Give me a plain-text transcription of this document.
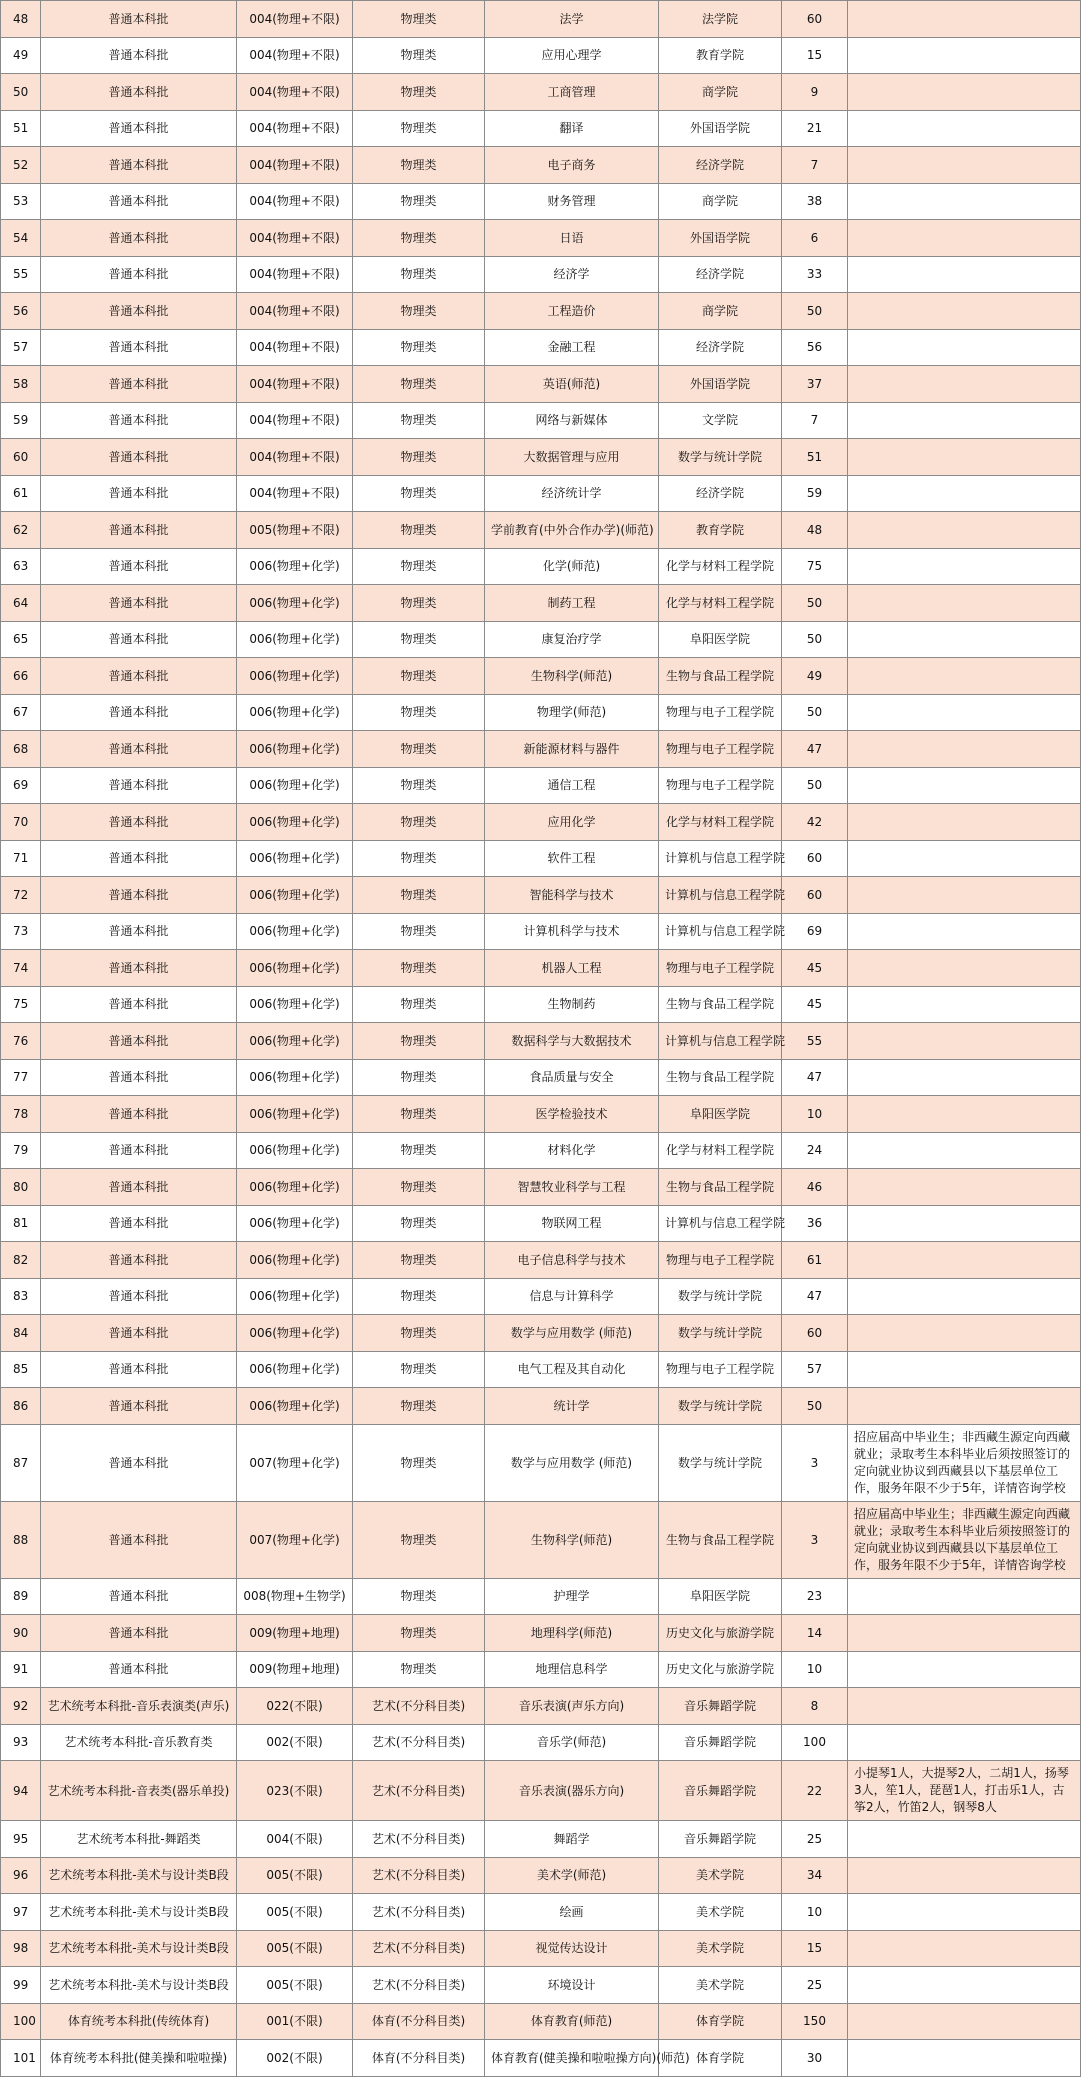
48	普通本科批	004(物理+不限)	物理类	法学	法学院	60	
49	普通本科批	004(物理+不限)	物理类	应用心理学	教育学院	15	
50	普通本科批	004(物理+不限)	物理类	工商管理	商学院	9	
51	普通本科批	004(物理+不限)	物理类	翻译	外国语学院	21	
52	普通本科批	004(物理+不限)	物理类	电子商务	经济学院	7	
53	普通本科批	004(物理+不限)	物理类	财务管理	商学院	38	
54	普通本科批	004(物理+不限)	物理类	日语	外国语学院	6	
55	普通本科批	004(物理+不限)	物理类	经济学	经济学院	33	
56	普通本科批	004(物理+不限)	物理类	工程造价	商学院	50	
57	普通本科批	004(物理+不限)	物理类	金融工程	经济学院	56	
58	普通本科批	004(物理+不限)	物理类	英语(师范)	外国语学院	37	
59	普通本科批	004(物理+不限)	物理类	网络与新媒体	文学院	7	
60	普通本科批	004(物理+不限)	物理类	大数据管理与应用	数学与统计学院	51	
61	普通本科批	004(物理+不限)	物理类	经济统计学	经济学院	59	
62	普通本科批	005(物理+不限)	物理类	学前教育(中外合作办学)(师范)	教育学院	48	
63	普通本科批	006(物理+化学)	物理类	化学(师范)	化学与材料工程学院	75	
64	普通本科批	006(物理+化学)	物理类	制药工程	化学与材料工程学院	50	
65	普通本科批	006(物理+化学)	物理类	康复治疗学	阜阳医学院	50	
66	普通本科批	006(物理+化学)	物理类	生物科学(师范)	生物与食品工程学院	49	
67	普通本科批	006(物理+化学)	物理类	物理学(师范)	物理与电子工程学院	50	
68	普通本科批	006(物理+化学)	物理类	新能源材料与器件	物理与电子工程学院	47	
69	普通本科批	006(物理+化学)	物理类	通信工程	物理与电子工程学院	50	
70	普通本科批	006(物理+化学)	物理类	应用化学	化学与材料工程学院	42	
71	普通本科批	006(物理+化学)	物理类	软件工程	计算机与信息工程学院	60	
72	普通本科批	006(物理+化学)	物理类	智能科学与技术	计算机与信息工程学院	60	
73	普通本科批	006(物理+化学)	物理类	计算机科学与技术	计算机与信息工程学院	69	
74	普通本科批	006(物理+化学)	物理类	机器人工程	物理与电子工程学院	45	
75	普通本科批	006(物理+化学)	物理类	生物制药	生物与食品工程学院	45	
76	普通本科批	006(物理+化学)	物理类	数据科学与大数据技术	计算机与信息工程学院	55	
77	普通本科批	006(物理+化学)	物理类	食品质量与安全	生物与食品工程学院	47	
78	普通本科批	006(物理+化学)	物理类	医学检验技术	阜阳医学院	10	
79	普通本科批	006(物理+化学)	物理类	材料化学	化学与材料工程学院	24	
80	普通本科批	006(物理+化学)	物理类	智慧牧业科学与工程	生物与食品工程学院	46	
81	普通本科批	006(物理+化学)	物理类	物联网工程	计算机与信息工程学院	36	
82	普通本科批	006(物理+化学)	物理类	电子信息科学与技术	物理与电子工程学院	61	
83	普通本科批	006(物理+化学)	物理类	信息与计算科学	数学与统计学院	47	
84	普通本科批	006(物理+化学)	物理类	数学与应用数学 (师范)	数学与统计学院	60	
85	普通本科批	006(物理+化学)	物理类	电气工程及其自动化	物理与电子工程学院	57	
86	普通本科批	006(物理+化学)	物理类	统计学	数学与统计学院	50	
87	普通本科批	007(物理+化学)	物理类	数学与应用数学 (师范)	数学与统计学院	3	招应届高中毕业生；非西藏生源定向西藏就业；录取考生本科毕业后须按照签订的定向就业协议到西藏县以下基层单位工作，服务年限不少于5年，详情咨询学校
88	普通本科批	007(物理+化学)	物理类	生物科学(师范)	生物与食品工程学院	3	招应届高中毕业生；非西藏生源定向西藏就业；录取考生本科毕业后须按照签订的定向就业协议到西藏县以下基层单位工作，服务年限不少于5年，详情咨询学校
89	普通本科批	008(物理+生物学)	物理类	护理学	阜阳医学院	23	
90	普通本科批	009(物理+地理)	物理类	地理科学(师范)	历史文化与旅游学院	14	
91	普通本科批	009(物理+地理)	物理类	地理信息科学	历史文化与旅游学院	10	
92	艺术统考本科批-音乐表演类(声乐)	022(不限)	艺术(不分科目类)	音乐表演(声乐方向)	音乐舞蹈学院	8	
93	艺术统考本科批-音乐教育类	002(不限)	艺术(不分科目类)	音乐学(师范)	音乐舞蹈学院	100	
94	艺术统考本科批-音表类(器乐单投)	023(不限)	艺术(不分科目类)	音乐表演(器乐方向)	音乐舞蹈学院	22	小提琴1人，大提琴2人，二胡1人，扬琴3人，笙1人，琵琶1人，打击乐1人，古筝2人，竹笛2人，钢琴8人
95	艺术统考本科批-舞蹈类	004(不限)	艺术(不分科目类)	舞蹈学	音乐舞蹈学院	25	
96	艺术统考本科批-美术与设计类B段	005(不限)	艺术(不分科目类)	美术学(师范)	美术学院	34	
97	艺术统考本科批-美术与设计类B段	005(不限)	艺术(不分科目类)	绘画	美术学院	10	
98	艺术统考本科批-美术与设计类B段	005(不限)	艺术(不分科目类)	视觉传达设计	美术学院	15	
99	艺术统考本科批-美术与设计类B段	005(不限)	艺术(不分科目类)	环境设计	美术学院	25	
100	体育统考本科批(传统体育)	001(不限)	体育(不分科目类)	体育教育(师范)	体育学院	150	
101	体育统考本科批(健美操和啦啦操)	002(不限)	体育(不分科目类)	体育教育(健美操和啦啦操方向)(师范)	体育学院	30	
